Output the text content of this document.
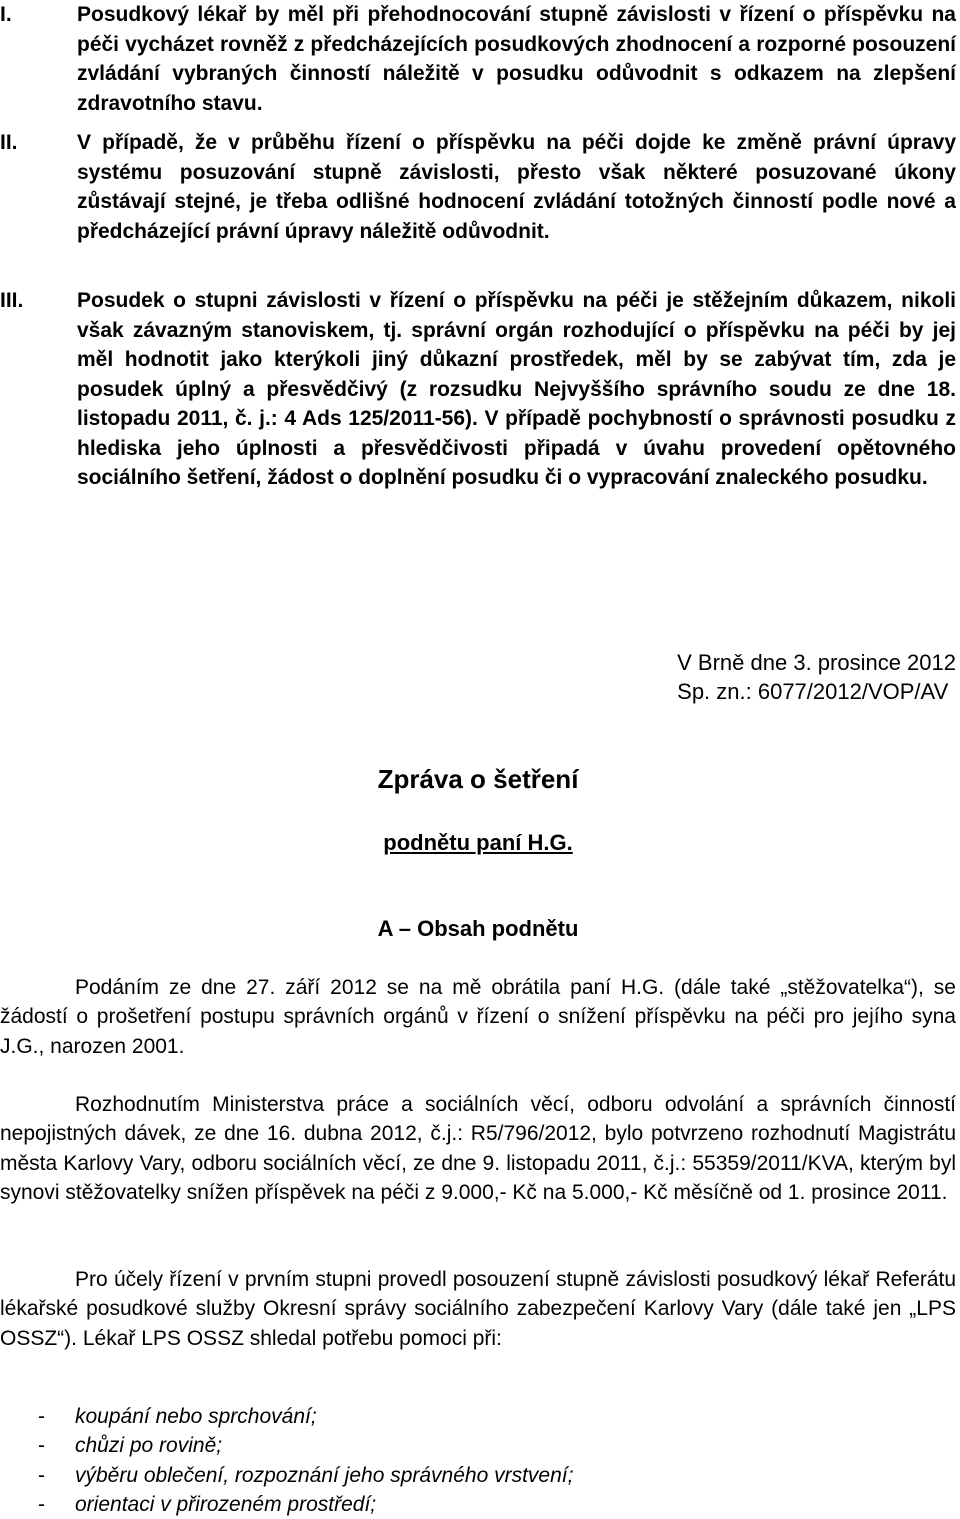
I.	Posudkový lékař by měl při přehodnocování stupně závislosti v řízení o příspěvku na péči vycházet rovněž z předcházejících posudkových zhodnocení a rozporné posouzení zvládání vybraných činností náležitě v posudku odůvodnit s odkazem na zlepšení zdravotního stavu.
II.	V případě, že v průběhu řízení o příspěvku na péči dojde ke změně právní úpravy systému posuzování stupně závislosti, přesto však některé posuzované úkony zůstávají stejné, je třeba odlišné hodnocení zvládání totožných činností podle nové a předcházející právní úpravy náležitě odůvodnit.
III.	Posudek o stupni závislosti v řízení o příspěvku na péči je stěžejním důkazem, nikoli však závazným stanoviskem, tj. správní orgán rozhodující o příspěvku na péči by jej měl hodnotit jako kterýkoli jiný důkazní prostředek, měl by se zabývat tím, zda je posudek úplný a přesvědčivý (z rozsudku Nejvyššího správního soudu ze dne 18. listopadu 2011, č. j.: 4 Ads 125/2011-56). V případě pochybností o správnosti posudku z hlediska jeho úplnosti a přesvědčivosti připadá v úvahu provedení opětovného sociálního šetření, žádost o doplnění posudku či o vypracování znaleckého posudku.
V Brně dne 3. prosince 2012
Sp. zn.: 6077/2012/VOP/AV
Zpráva o šetření
podnětu paní H.G.
A – Obsah podnětu
Podáním ze dne 27. září 2012 se na mě obrátila paní H.G. (dále také „stěžovatelka“), se žádostí o prošetření postupu správních orgánů v řízení o snížení příspěvku na péči pro jejího syna J.G., narozen 2001.
Rozhodnutím Ministerstva práce a sociálních věcí, odboru odvolání a správních činností nepojistných dávek, ze dne 16. dubna 2012, č.j.: R5/796/2012, bylo potvrzeno rozhodnutí Magistrátu města Karlovy Vary, odboru sociálních věcí, ze dne 9. listopadu 2011, č.j.: 55359/2011/KVA, kterým byl synovi stěžovatelky snížen příspěvek na péči z 9.000,- Kč na 5.000,- Kč měsíčně od 1. prosince 2011.
Pro účely řízení v prvním stupni provedl posouzení stupně závislosti posudkový lékař Referátu lékařské posudkové služby Okresní správy sociálního zabezpečení Karlovy Vary (dále také jen „LPS OSSZ“). Lékař LPS OSSZ shledal potřebu pomoci při:
- koupání nebo sprchování;
- chůzi po rovině;
- výběru oblečení, rozpoznání jeho správného vrstvení;
- orientaci v přirozeném prostředí;
